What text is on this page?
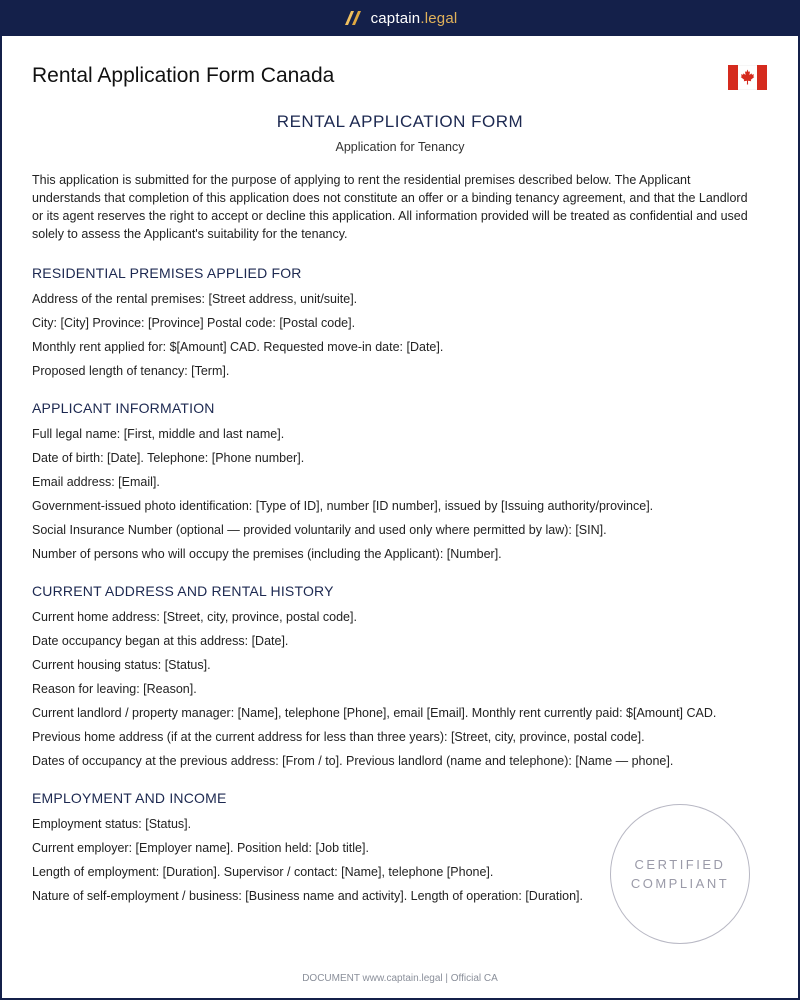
captain.legal
Rental Application Form Canada
RENTAL APPLICATION FORM
Application for Tenancy

This application is submitted for the purpose of applying to rent the residential premises described below. The Applicant understands that completion of this application does not constitute an offer or a binding tenancy agreement, and that the Landlord or its agent reserves the right to accept or decline this application. All information provided will be treated as confidential and used solely to assess the Applicant's suitability for the tenancy.

RESIDENTIAL PREMISES APPLIED FOR

Address of the rental premises: [Street address, unit/suite].

City: [City] Province: [Province] Postal code: [Postal code].

Monthly rent applied for: $[Amount] CAD. Requested move-in date: [Date].

Proposed length of tenancy: [Term].

APPLICANT INFORMATION

Full legal name: [First, middle and last name].

Date of birth: [Date]. Telephone: [Phone number].

Email address: [Email].

Government-issued photo identification: [Type of ID], number [ID number], issued by [Issuing authority/province].

Social Insurance Number (optional — provided voluntarily and used only where permitted by law): [SIN].

Number of persons who will occupy the premises (including the Applicant): [Number].

CURRENT ADDRESS AND RENTAL HISTORY

Current home address: [Street, city, province, postal code].

Date occupancy began at this address: [Date].

Current housing status: [Status].

Reason for leaving: [Reason].

Current landlord / property manager: [Name], telephone [Phone], email [Email]. Monthly rent currently paid: $[Amount] CAD.

Previous home address (if at the current address for less than three years): [Street, city, province, postal code].

Dates of occupancy at the previous address: [From / to]. Previous landlord (name and telephone): [Name — phone].

EMPLOYMENT AND INCOME

Employment status: [Status].

Current employer: [Employer name]. Position held: [Job title].

Length of employment: [Duration]. Supervisor / contact: [Name], telephone [Phone].

Nature of self-employment / business: [Business name and activity]. Length of operation: [Duration].

CERTIFIED
COMPLIANT
DOCUMENT www.captain.legal | Official CA
